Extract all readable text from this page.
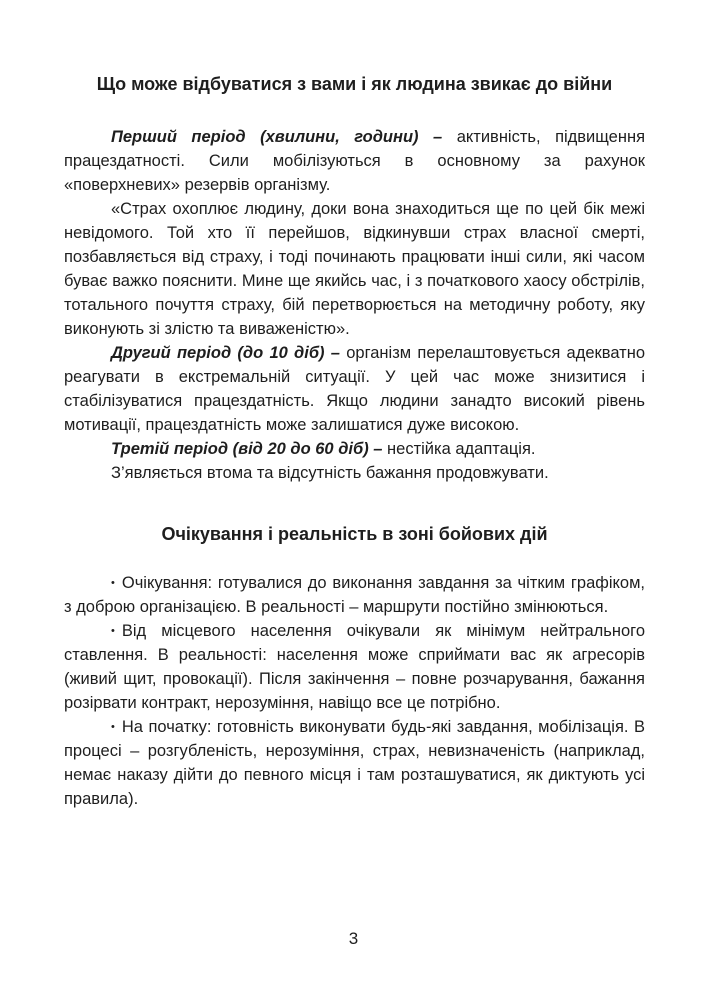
Що може відбуватися з вами і як людина звикає до війни

Перший період (хвилини, години) – активність, підвищення працездатності. Сили мобілізуються в основному за рахунок «поверхневих» резервів організму.

«Страх охоплює людину, доки вона знаходиться ще по цей бік межі невідомого. Той хто її перейшов, відкинувши страх власної смерті, позбавляється від страху, і тоді починають працювати інші сили, які часом буває важко пояснити. Мине ще якийсь час, і з початкового хаосу обстрілів, тотального почуття страху, бій перетворюється на методичну роботу, яку виконують зі злістю та виваженістю».

Другий період (до 10 діб) – організм перелаштовується адекватно реагувати в екстремальній ситуації. У цей час може знизитися і стабілізуватися працездатність. Якщо людини занадто високий рівень мотивації, працездатність може залишатися дуже високою.

Третій період (від 20 до 60 діб) – нестійка адаптація.

З’являється втома та відсутність бажання продовжувати.

Очікування і реальність в зоні бойових дій

• Очікування: готувалися до виконання завдання за чітким графіком, з доброю організацією. В реальності – маршрути постійно змінюються.

• Від місцевого населення очікували як мінімум нейтрального ставлення. В реальності: населення може сприймати вас як агресорів (живий щит, провокації). Після закінчення – повне розчарування, бажання розірвати контракт, нерозуміння, навіщо все це потрібно.

• На початку: готовність виконувати будь-які завдання, мобілізація. В процесі – розгубленість, нерозуміння, страх, невизначеність (наприклад, немає наказу дійти до певного місця і там розташуватися, як диктують усі правила).

3
